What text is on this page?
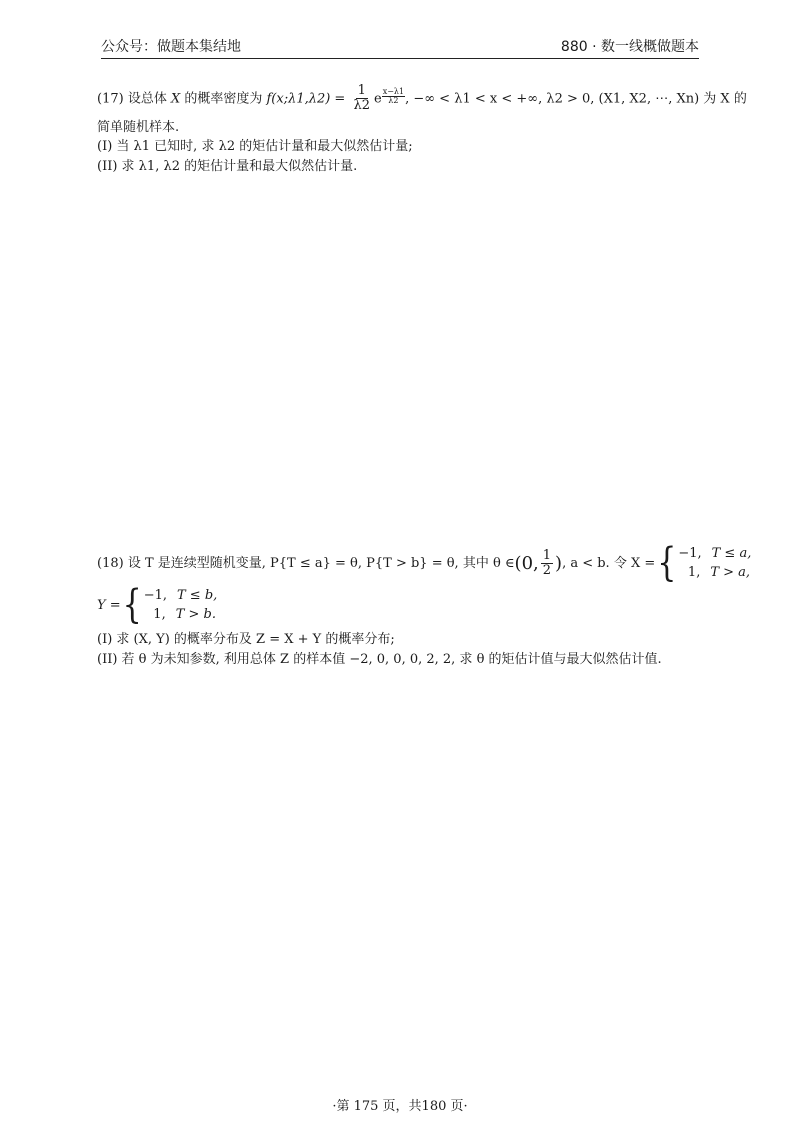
公众号：做题本集结地	880 · 数一线概做题本

(17) 设总体 X 的概率密度为 f(x;λ1,λ2) = $\frac{1}{\lambda 2}$ e $\frac{x-\lambda 1}{\lambda 2}$ , −∞ < λ1 < x < +∞, λ2 > 0, (X1, X2, ⋯, Xn) 为 X 的

简单随机样本.

(I) 当 λ1 已知时, 求 λ2 的矩估计量和最大似然估计量;

(II) 求 λ1, λ2 的矩估计量和最大似然估计量.

(18) 设 T 是连续型随机变量, P{T ≤ a} = θ, P{T > b} = θ, 其中 θ ∈ (0, $\frac{1}{2}$ ) , a < b. 令 X = { −1, T ≤ a,
1, T > a,
Y = { −1, T ≤ b,
1, T > b.

(I) 求 (X, Y) 的概率分布及 Z = X + Y 的概率分布;

(II) 若 θ 为未知参数, 利用总体 Z 的样本值 −2, 0, 0, 0, 2, 2, 求 θ 的矩估计值与最大似然估计值.

·第 175 页，共180 页·
